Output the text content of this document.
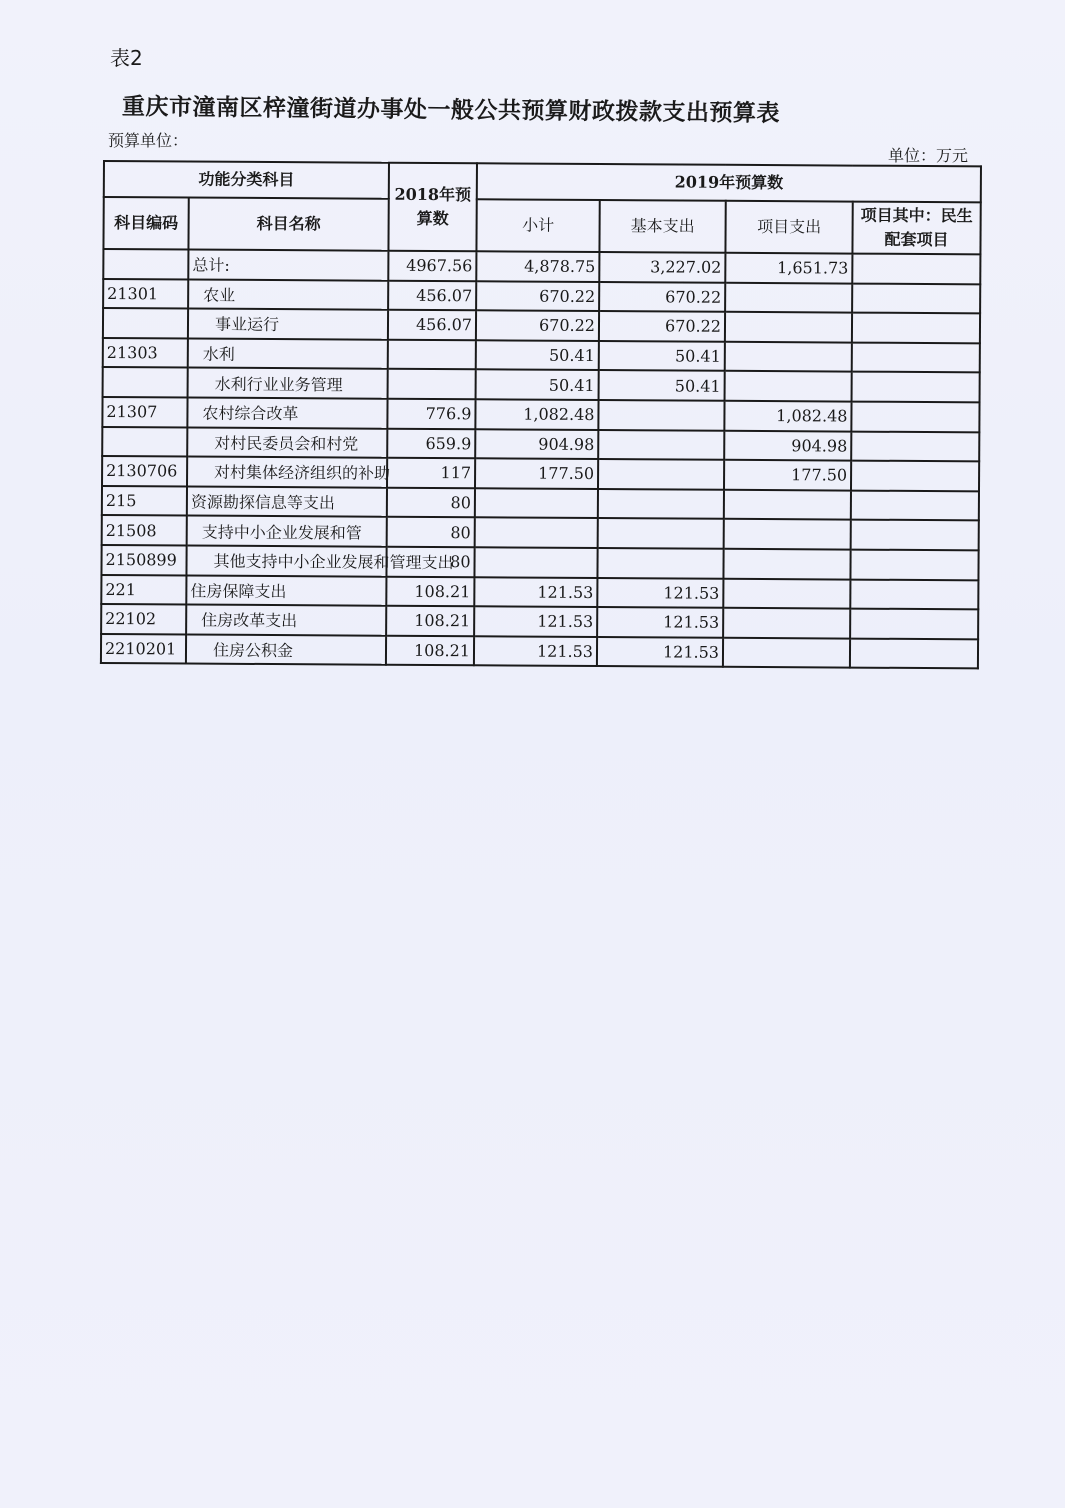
表2
重庆市潼南区梓潼街道办事处一般公共预算财政拨款支出预算表
预算单位：
单位：万元
功能分类科目		2018年预算数	2019年预算数			
科目编码	科目名称		小计	基本支出	项目支出	项目其中：民生配套项目
	总计:	4967.56	4,878.75	3,227.02	1,651.73	
21301	农业	456.07	670.22	670.22		
	事业运行	456.07	670.22	670.22		
21303	水利		50.41	50.41		
	水利行业业务管理		50.41	50.41		
21307	农村综合改革	776.9	1,082.48		1,082.48	
	对村民委员会和村党	659.9	904.98		904.98	
2130706	对村集体经济组织的补助	117	177.50		177.50	
215	资源勘探信息等支出	80				
21508	支持中小企业发展和管	80				
2150899	其他支持中小企业发展和管理支出	80				
221	住房保障支出	108.21	121.53	121.53		
22102	住房改革支出	108.21	121.53	121.53		
2210201	住房公积金	108.21	121.53	121.53		
